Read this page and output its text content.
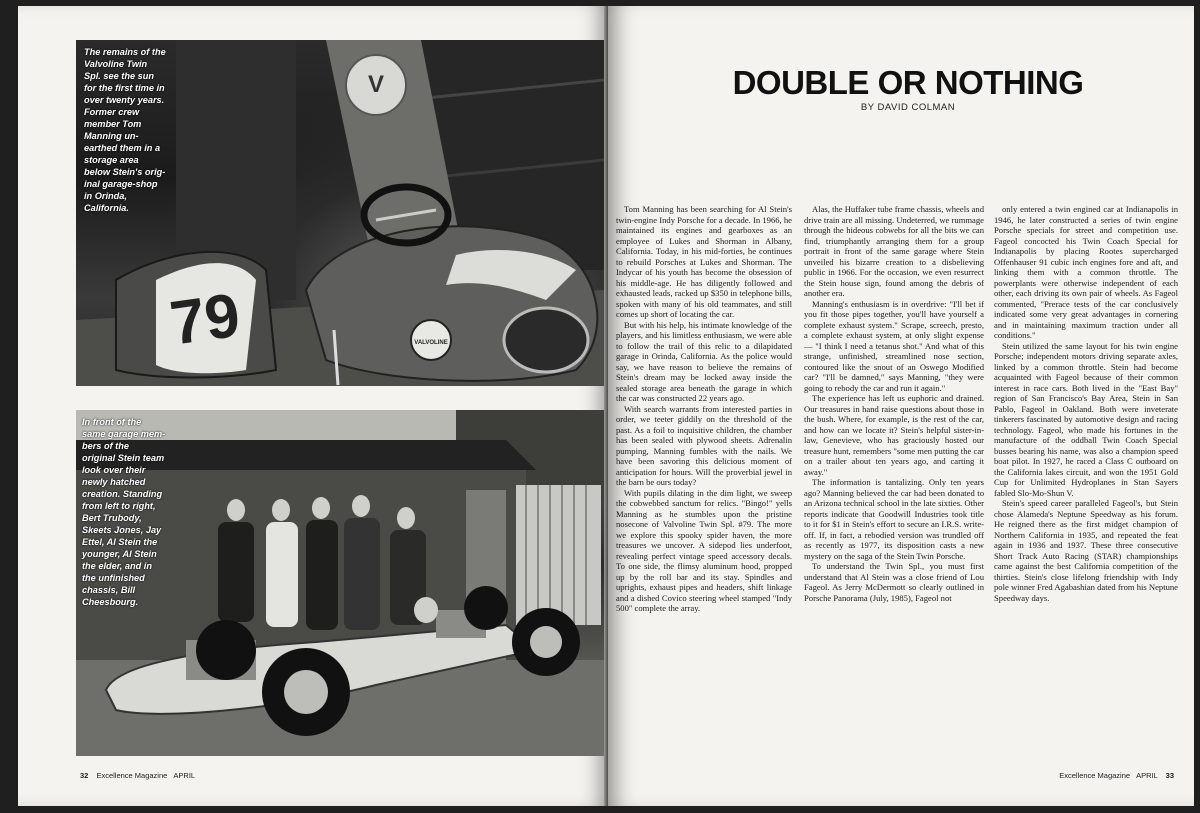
V
79	VALVOLINE
The remains of the
Valvoline Twin
Spl. see the sun
for the first time in
over twenty years.
Former crew
member Tom
Manning un-
earthed them in a
storage area
below Stein's orig-
inal garage-shop
in Orinda,
California.
In front of the
same garage mem-
bers of the
original Stein team
look over their
newly hatched
creation. Standing
from left to right,
Bert Trubody,
Skeets Jones, Jay
Ettel, Al Stein the
younger, Al Stein
the elder, and in
the unfinished
chassis, Bill
Cheesbourg.
32 Excellence Magazine APRIL
DOUBLE OR NOTHING
BY DAVID COLMAN

Tom Manning has been searching for Al Stein's twin-engine Indy Porsche for a decade. In 1966, he maintained its engines and gearboxes as an employee of Lukes and Shorman in Albany, California. Today, in his mid-forties, he continues to rebuild Porsches at Lukes and Shorman. The Indycar of his youth has become the obsession of his middle-age. He has diligently followed and exhausted leads, racked up $350 in telephone bills, spoken with many of his old teammates, and still comes up short of locating the car.

But with his help, his intimate knowledge of the players, and his limitless enthusiasm, we were able to follow the trail of this relic to a dilapidated garage in Orinda, California. As the police would say, we have reason to believe the remains of Stein's dream may be locked away inside the sealed storage area beneath the garage in which the car was constructed 22 years ago.

With search warrants from interested parties in order, we teeter giddily on the threshold of the past. As a foil to inquisitive children, the chamber has been sealed with plywood sheets. Adrenalin pumping, Manning fumbles with the nails. We have been savoring this delicious moment of anticipation for hours. Will the proverbial jewel in the barn be ours today?

With pupils dilating in the dim light, we sweep the cobwebbed sanctum for relics. "Bingo!" yells Manning as he stumbles upon the pristine nosecone of Valvoline Twin Spl. #79. The more we explore this spooky spider haven, the more treasures we uncover. A sidepod lies underfoot, revealing perfect vintage speed accessory decals. To one side, the flimsy aluminum hood, propped up by the roll bar and its stay. Spindles and uprights, exhaust pipes and headers, shift linkage and a dished Covico steering wheel stamped "Indy 500" complete the array.

Alas, the Huffaker tube frame chassis, wheels and drive train are all missing. Undeterred, we rummage through the hideous cobwebs for all the bits we can find, triumphantly arranging them for a group portrait in front of the same garage where Stein unveiled his bizarre creation to a disbelieving public in 1966. For the occasion, we even resurrect the Stein house sign, found among the debris of another era.

Manning's enthusiasm is in overdrive: "I'll bet if you fit those pipes together, you'll have yourself a complete exhaust system." Scrape, screech, presto, a complete exhaust system, at only slight expense — "I think I need a tetanus shot." And what of this strange, unfinished, streamlined nose section, contoured like the snout of an Oswego Modified car? "I'll be damned," says Manning, "they were going to rebody the car and run it again."

The experience has left us euphoric and drained. Our treasures in hand raise questions about those in the bush. Where, for example, is the rest of the car, and how can we locate it? Stein's helpful sister-in-law, Genevieve, who has graciously hosted our treasure hunt, remembers "some men putting the car on a trailer about ten years ago, and carting it away."

The information is tantalizing. Only ten years ago? Manning believed the car had been donated to an Arizona technical school in the late sixties. Other reports indicate that Goodwill Industries took title to it for $1 in Stein's effort to secure an I.R.S. write-off. If, in fact, a rebodied version was trundled off as recently as 1977, its disposition casts a new mystery on the saga of the Stein Twin Porsche.

To understand the Twin Spl., you must first understand that Al Stein was a close friend of Lou Fageol. As Jerry McDermott so clearly outlined in Porsche Panorama (July, 1985), Fageol not

only entered a twin engined car at Indianapolis in 1946, he later constructed a series of twin engine Porsche specials for street and competition use. Fageol concocted his Twin Coach Special for Indianapolis by placing Rootes supercharged Offenhauser 91 cubic inch engines fore and aft, and linking them with a common throttle. The powerplants were otherwise independent of each other, each driving its own pair of wheels. As Fageol commented, "Prerace tests of the car conclusively indicated some very great advantages in cornering and in maintaining maximum traction under all conditions."

Stein utilized the same layout for his twin engine Porsche; independent motors driving separate axles, linked by a common throttle. Stein had become acquainted with Fageol because of their common interest in race cars. Both lived in the "East Bay" region of San Francisco's Bay Area, Stein in San Pablo, Fageol in Oakland. Both were inveterate tinkerers fascinated by automotive design and racing technology. Fageol, who made his fortunes in the manufacture of the oddball Twin Coach Special busses bearing his name, was also a champion speed boat pilot. In 1927, he raced a Class C outboard on the California lakes circuit, and won the 1951 Gold Cup for Unlimited Hydroplanes in Stan Sayers fabled Slo-Mo-Shun V.

Stein's speed career paralleled Fageol's, but Stein chose Alameda's Neptune Speedway as his forum. He reigned there as the first midget champion of Northern California in 1935, and repeated the feat again in 1936 and 1937. These three consecutive Short Track Auto Racing (STAR) championships came against the best California competition of the thirties. Stein's close lifelong friendship with Indy pole winner Fred Agabashian dated from his Neptune Speedway days.

Excellence Magazine APRIL 33
